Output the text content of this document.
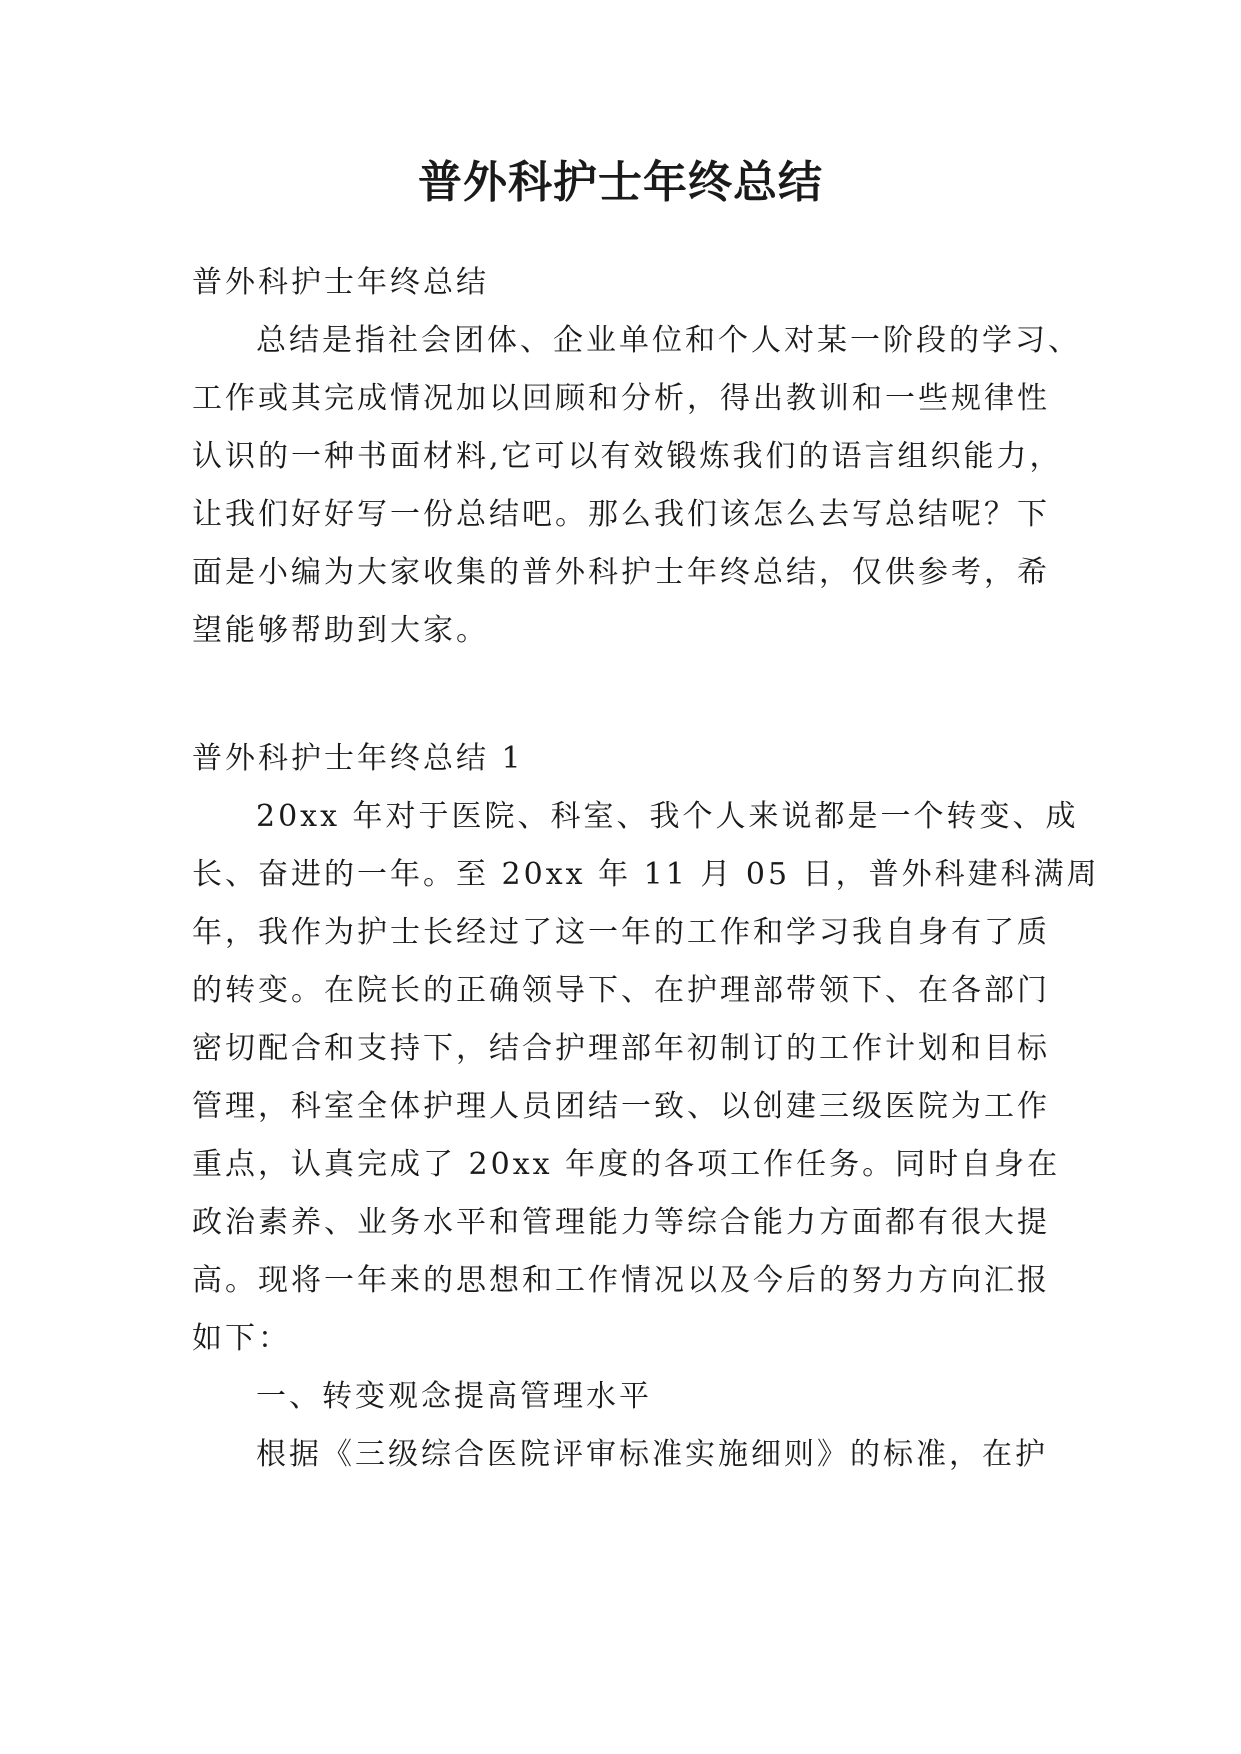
普外科护士年终总结

普外科护士年终总结

总结是指社会团体、企业单位和个人对某一阶段的学习、
工作或其完成情况加以回顾和分析，得出教训和一些规律性
认识的一种书面材料,它可以有效锻炼我们的语言组织能力，
让我们好好写一份总结吧。那么我们该怎么去写总结呢？下
面是小编为大家收集的普外科护士年终总结，仅供参考，希
望能够帮助到大家。

普外科护士年终总结 1

20xx 年对于医院、科室、我个人来说都是一个转变、成
长、奋进的一年。至 20xx 年 11 月 05 日，普外科建科满周
年，我作为护士长经过了这一年的工作和学习我自身有了质
的转变。在院长的正确领导下、在护理部带领下、在各部门
密切配合和支持下，结合护理部年初制订的工作计划和目标
管理，科室全体护理人员团结一致、以创建三级医院为工作
重点，认真完成了 20xx 年度的各项工作任务。同时自身在
政治素养、业务水平和管理能力等综合能力方面都有很大提
高。现将一年来的思想和工作情况以及今后的努力方向汇报
如下：

一、转变观念提高管理水平

根据《三级综合医院评审标准实施细则》的标准，在护
